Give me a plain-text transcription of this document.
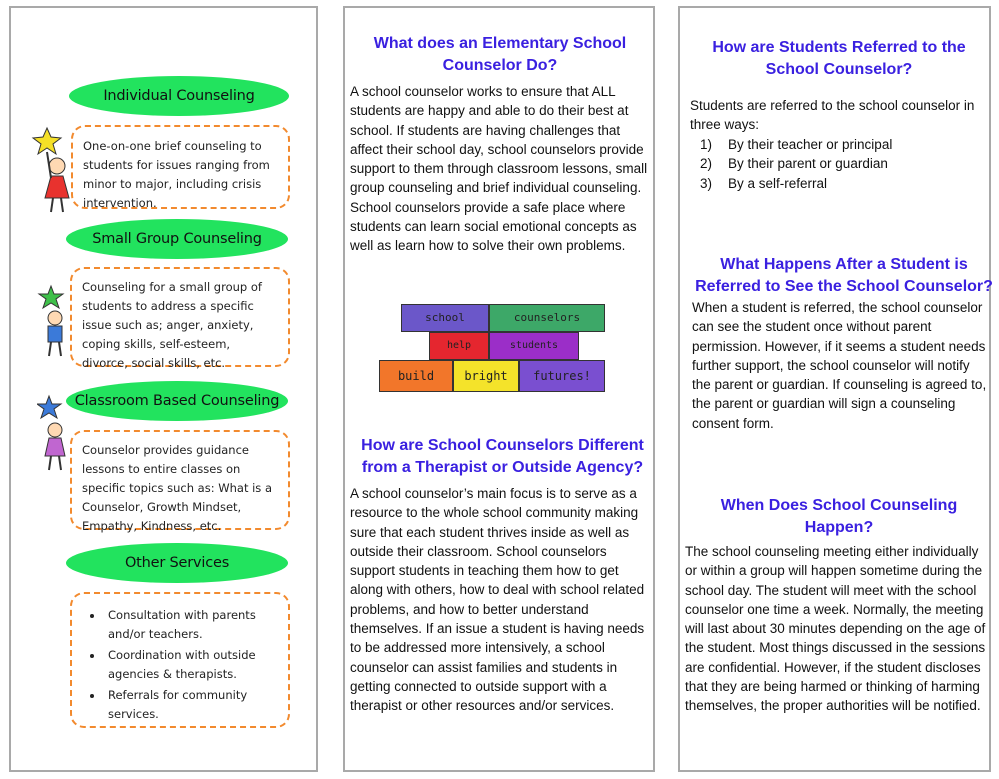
Individual Counseling
One-on-one brief counseling to students for issues ranging from minor to major, including crisis intervention.
Small Group Counseling
Counseling for a small group of students to address a specific issue such as; anger, anxiety, coping skills, self-esteem, divorce, social skills, etc.
Classroom Based Counseling
Counselor provides guidance lessons to entire classes on specific topics such as: What is a Counselor, Growth Mindset, Empathy, Kindness, etc.
Other Services
• Consultation with parents and/or teachers.
• Coordination with outside agencies & therapists.
• Referrals for community services.
What does an Elementary School Counselor Do?
A school counselor works to ensure that ALL students are happy and able to do their best at school. If students are having challenges that affect their school day, school counselors provide support to them through classroom lessons, small group counseling and brief individual counseling. School counselors provide a safe place where students can learn social emotional concepts as well as learn how to solve their own problems.
school	counselors
help	students
build	bright	futures!
How are School Counselors Different from a Therapist or Outside Agency?
A school counselor’s main focus is to serve as a resource to the whole school community making sure that each student thrives inside as well as outside their classroom. School counselors support students in teaching them how to get along with others, how to deal with school related problems, and how to better understand themselves. If an issue a student is having needs to be addressed more intensively, a school counselor can assist families and students in getting connected to outside support with a therapist or other resources and/or services.
How are Students Referred to the School Counselor?
Students are referred to the school counselor in three ways:
1) By their teacher or principal
2) By their parent or guardian
3) By a self-referral
What Happens After a Student is Referred to See the School Counselor?
When a student is referred, the school counselor can see the student once without parent permission. However, if it seems a student needs further support, the school counselor will notify the parent or guardian. If counseling is agreed to, the parent or guardian will sign a counseling consent form.
When Does School Counseling Happen?
The school counseling meeting either individually or within a group will happen sometime during the school day. The student will meet with the school counselor one time a week. Normally, the meeting will last about 30 minutes depending on the age of the student. Most things discussed in the sessions are confidential. However, if the student discloses that they are being harmed or thinking of harming themselves, the proper authorities will be notified.
